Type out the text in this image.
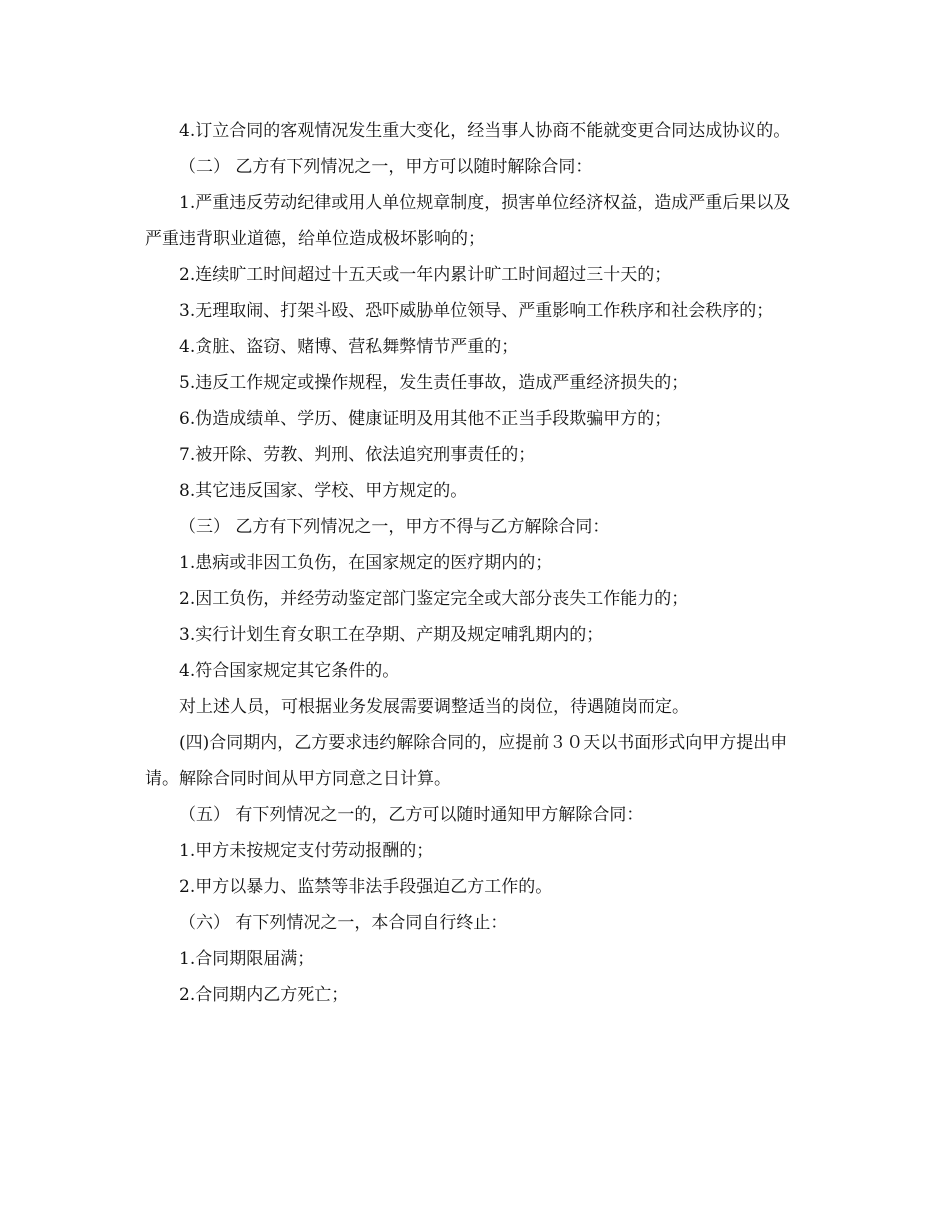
4.订立合同的客观情况发生重大变化，经当事人协商不能就变更合同达成协议的。

（二） 乙方有下列情况之一，甲方可以随时解除合同：

1.严重违反劳动纪律或用人单位规章制度，损害单位经济权益，造成严重后果以及严重违背职业道德，给单位造成极坏影响的；

2.连续旷工时间超过十五天或一年内累计旷工时间超过三十天的；

3.无理取闹、打架斗殴、恐吓威胁单位领导、严重影响工作秩序和社会秩序的；

4.贪脏、盗窃、赌博、营私舞弊情节严重的；

5.违反工作规定或操作规程，发生责任事故，造成严重经济损失的；

6.伪造成绩单、学历、健康证明及用其他不正当手段欺骗甲方的；

7.被开除、劳教、判刑、依法追究刑事责任的；

8.其它违反国家、学校、甲方规定的。

（三） 乙方有下列情况之一，甲方不得与乙方解除合同：

1.患病或非因工负伤，在国家规定的医疗期内的；

2.因工负伤，并经劳动鉴定部门鉴定完全或大部分丧失工作能力的；

3.实行计划生育女职工在孕期、产期及规定哺乳期内的；

4.符合国家规定其它条件的。

对上述人员，可根据业务发展需要调整适当的岗位，待遇随岗而定。

(四)合同期内，乙方要求违约解除合同的，应提前３０天以书面形式向甲方提出申请。解除合同时间从甲方同意之日计算。

（五） 有下列情况之一的，乙方可以随时通知甲方解除合同：

1.甲方未按规定支付劳动报酬的；

2.甲方以暴力、监禁等非法手段强迫乙方工作的。

（六） 有下列情况之一，本合同自行终止：

1.合同期限届满；

2.合同期内乙方死亡；
